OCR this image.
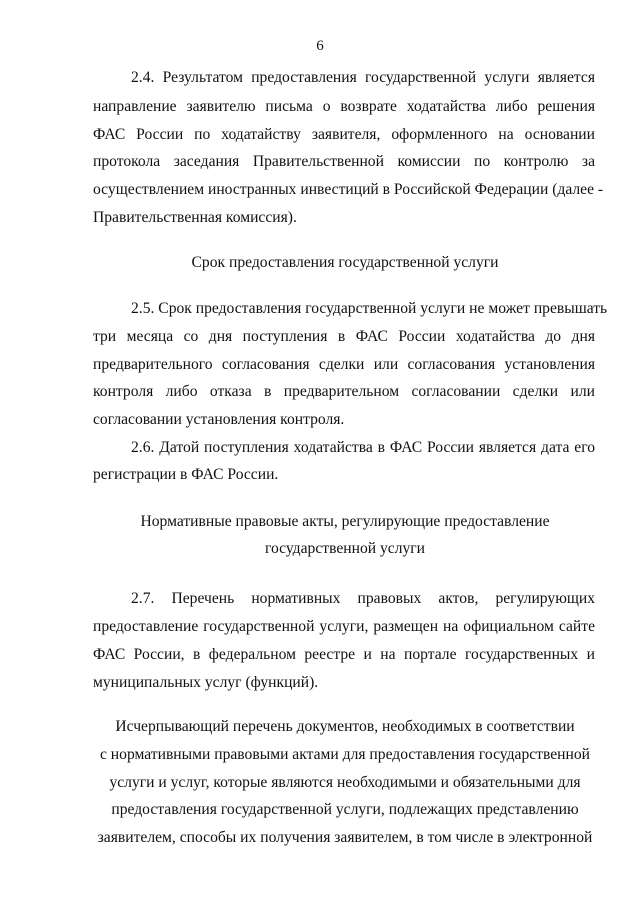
6
2.4. Результатом предоставления государственной услуги является
направление заявителю письма о возврате ходатайства либо решения
ФАС России по ходатайству заявителя, оформленного на основании
протокола заседания Правительственной комиссии по контролю за
осуществлением иностранных инвестиций в Российской Федерации (далее -
Правительственная комиссия).
Срок предоставления государственной услуги
2.5. Срок предоставления государственной услуги не может превышать
три месяца со дня поступления в ФАС России ходатайства до дня
предварительного согласования сделки или согласования установления
контроля либо отказа в предварительном согласовании сделки или
согласовании установления контроля.
2.6. Датой поступления ходатайства в ФАС России является дата его
регистрации в ФАС России.
Нормативные правовые акты, регулирующие предоставление
государственной услуги
2.7. Перечень нормативных правовых актов, регулирующих
предоставление государственной услуги, размещен на официальном сайте
ФАС России, в федеральном реестре и на портале государственных и
муниципальных услуг (функций).
Исчерпывающий перечень документов, необходимых в соответствии
с нормативными правовыми актами для предоставления государственной
услуги и услуг, которые являются необходимыми и обязательными для
предоставления государственной услуги, подлежащих представлению
заявителем, способы их получения заявителем, в том числе в электронной
